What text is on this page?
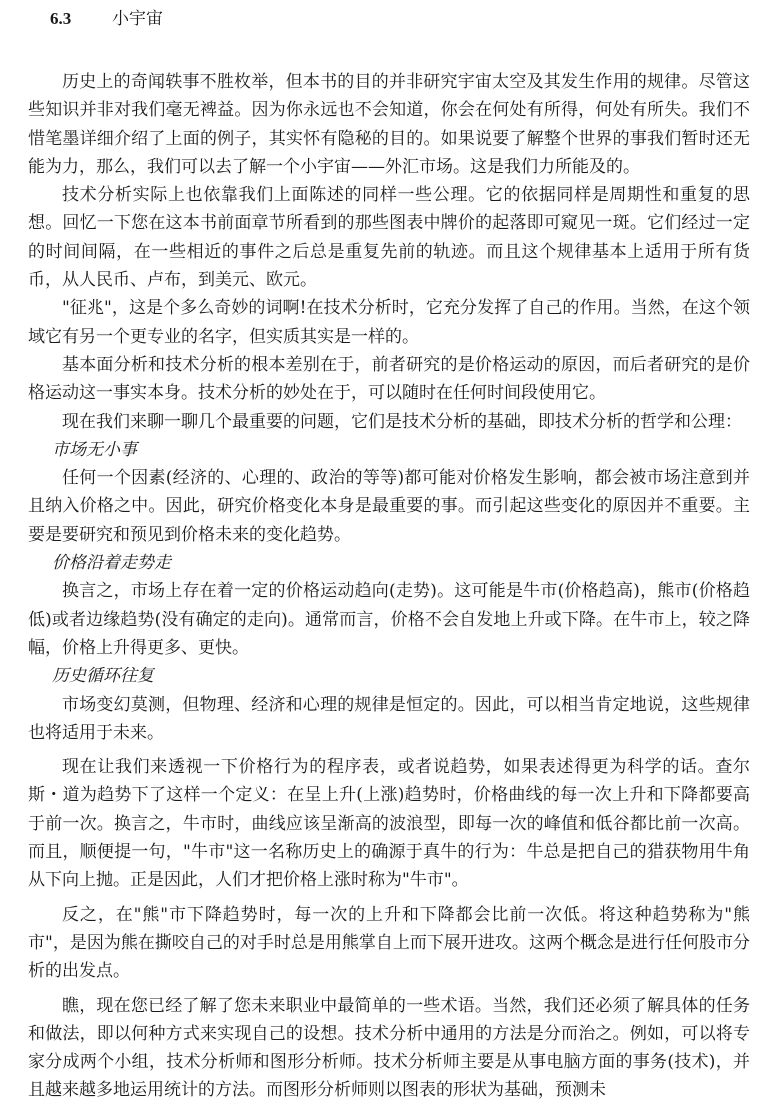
6.3	小宇宙

历史上的奇闻轶事不胜枚举，但本书的目的并非研究宇宙太空及其发生作用的规律。尽管这些知识并非对我们毫无裨益。因为你永远也不会知道，你会在何处有所得，何处有所失。我们不惜笔墨详细介绍了上面的例子，其实怀有隐秘的目的。如果说要了解整个世界的事我们暂时还无能为力，那么，我们可以去了解一个小宇宙——外汇市场。这是我们力所能及的。

技术分析实际上也依靠我们上面陈述的同样一些公理。它的依据同样是周期性和重复的思想。回忆一下您在这本书前面章节所看到的那些图表中牌价的起落即可窥见一斑。它们经过一定的时间间隔，在一些相近的事件之后总是重复先前的轨迹。而且这个规律基本上适用于所有货币，从人民币、卢布，到美元、欧元。

"征兆"，这是个多么奇妙的词啊!在技术分析时，它充分发挥了自己的作用。当然，在这个领域它有另一个更专业的名字，但实质其实是一样的。

基本面分析和技术分析的根本差别在于，前者研究的是价格运动的原因，而后者研究的是价格运动这一事实本身。技术分析的妙处在于，可以随时在任何时间段使用它。

现在我们来聊一聊几个最重要的问题，它们是技术分析的基础，即技术分析的哲学和公理：

市场无小事

任何一个因素(经济的、心理的、政治的等等)都可能对价格发生影响，都会被市场注意到并且纳入价格之中。因此，研究价格变化本身是最重要的事。而引起这些变化的原因并不重要。主要是要研究和预见到价格未来的变化趋势。

价格沿着走势走

换言之，市场上存在着一定的价格运动趋向(走势)。这可能是牛市(价格趋高)，熊市(价格趋低)或者边缘趋势(没有确定的走向)。通常而言，价格不会自发地上升或下降。在牛市上，较之降幅，价格上升得更多、更快。

历史循环往复

市场变幻莫测，但物理、经济和心理的规律是恒定的。因此，可以相当肯定地说，这些规律也将适用于未来。

现在让我们来透视一下价格行为的程序表，或者说趋势，如果表述得更为科学的话。查尔斯・道为趋势下了这样一个定义：在呈上升(上涨)趋势时，价格曲线的每一次上升和下降都要高于前一次。换言之，牛市时，曲线应该呈渐高的波浪型，即每一次的峰值和低谷都比前一次高。而且，顺便提一句，"牛市"这一名称历史上的确源于真牛的行为：牛总是把自己的猎获物用牛角从下向上抛。正是因此，人们才把价格上涨时称为"牛市"。

反之，在"熊"市下降趋势时，每一次的上升和下降都会比前一次低。将这种趋势称为"熊市"，是因为熊在撕咬自己的对手时总是用熊掌自上而下展开进攻。这两个概念是进行任何股市分析的出发点。

瞧，现在您已经了解了您未来职业中最简单的一些术语。当然，我们还必须了解具体的任务和做法，即以何种方式来实现自己的设想。技术分析中通用的方法是分而治之。例如，可以将专家分成两个小组，技术分析师和图形分析师。技术分析师主要是从事电脑方面的事务(技术)，并且越来越多地运用统计的方法。而图形分析师则以图表的形状为基础，预测未
